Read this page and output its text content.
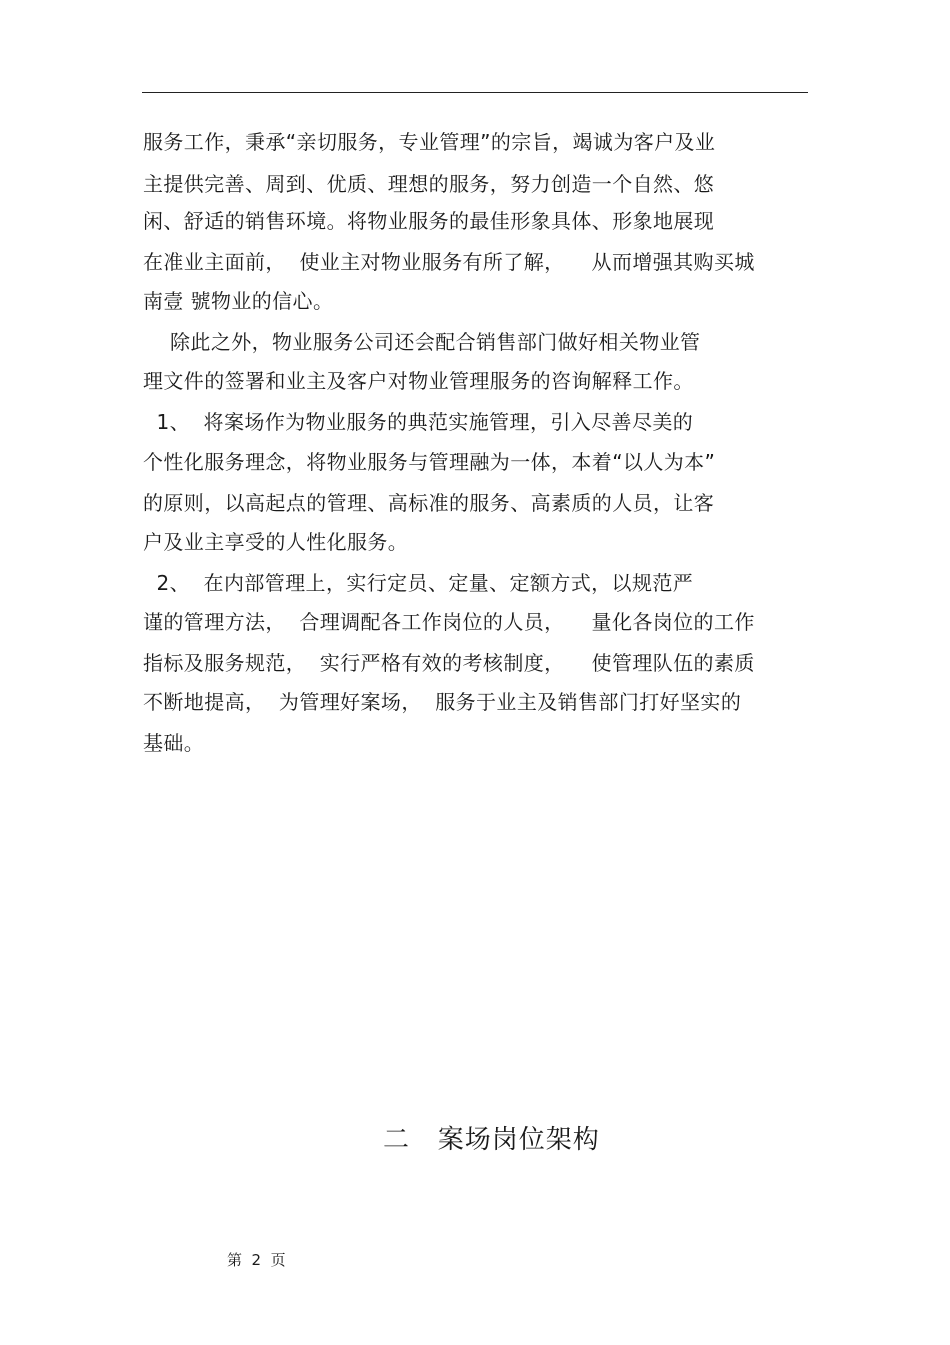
服务工作，秉承“亲切服务，专业管理”的宗旨，竭诚为客户及业
主提供完善、周到、优质、理想的服务，努力创造一个自然、悠
闲、舒适的销售环境。将物业服务的最佳形象具体、形象地展现
在准业主面前，  使业主对物业服务有所了解，    从而增强其购买城
南壹 號物业的信心。
除此之外，物业服务公司还会配合销售部门做好相关物业管
理文件的签署和业主及客户对物业管理服务的咨询解释工作。
1、  将案场作为物业服务的典范实施管理，引入尽善尽美的
个性化服务理念，将物业服务与管理融为一体，本着“以人为本”
的原则，以高起点的管理、高标准的服务、高素质的人员，让客
户及业主享受的人性化服务。
2、  在内部管理上，实行定员、定量、定额方式，以规范严
谨的管理方法，  合理调配各工作岗位的人员，    量化各岗位的工作
指标及服务规范，  实行严格有效的考核制度，    使管理队伍的素质
不断地提高，  为管理好案场，  服务于业主及销售部门打好坚实的
基础。
二   案场岗位架构
第  2  页
